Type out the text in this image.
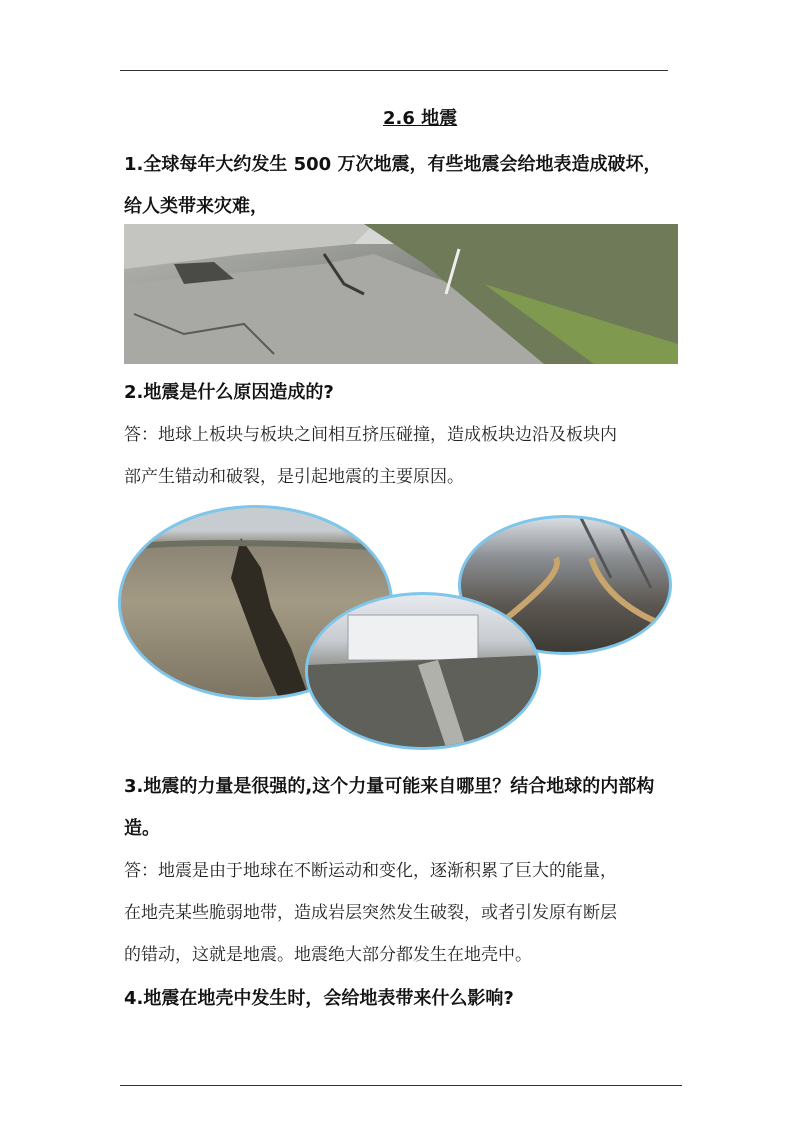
2.6 地震
1.全球每年大约发生 500 万次地震，有些地震会给地表造成破坏，
给人类带来灾难，
2.地震是什么原因造成的?
答：地球上板块与板块之间相互挤压碰撞，造成板块边沿及板块内
部产生错动和破裂，是引起地震的主要原因。
3.地震的力量是很强的,这个力量可能来自哪里？结合地球的内部构
造。
答：地震是由于地球在不断运动和变化，逐渐积累了巨大的能量，
在地壳某些脆弱地带，造成岩层突然发生破裂，或者引发原有断层
的错动，这就是地震。地震绝大部分都发生在地壳中。
4.地震在地壳中发生时，会给地表带来什么影响?
